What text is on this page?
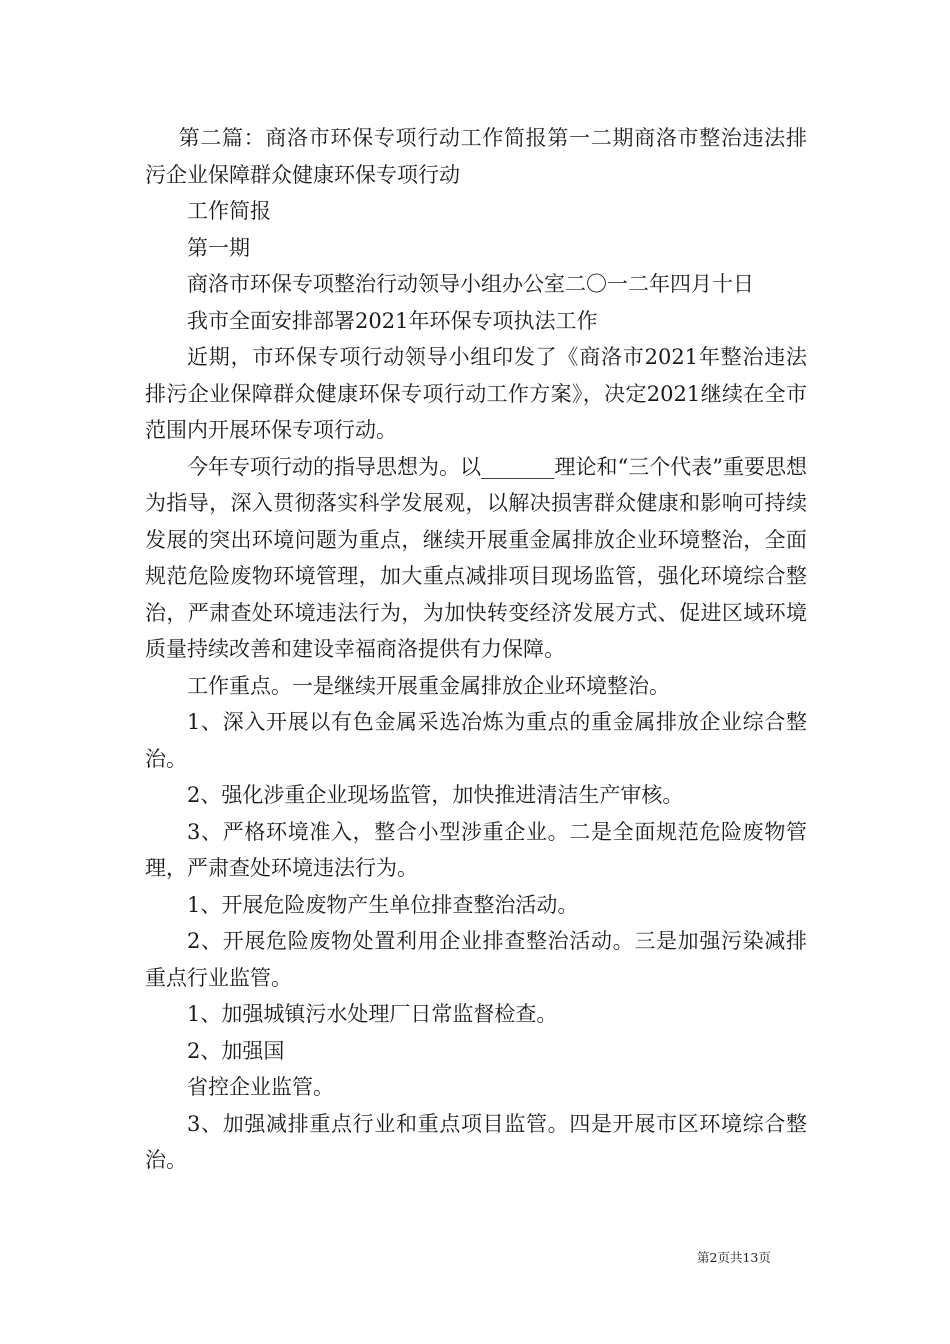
第二篇：商洛市环保专项行动工作简报第一二期商洛市整治违法排污企业保障群众健康环保专项行动

工作简报

第一期

商洛市环保专项整治行动领导小组办公室二〇一二年四月十日

我市全面安排部署2021年环保专项执法工作

近期，市环保专项行动领导小组印发了《商洛市2021年整治违法排污企业保障群众健康环保专项行动工作方案》，决定2021继续在全市范围内开展环保专项行动。

今年专项行动的指导思想为。以_______理论和“三个代表”重要思想为指导，深入贯彻落实科学发展观，以解决损害群众健康和影响可持续发展的突出环境问题为重点，继续开展重金属排放企业环境整治，全面规范危险废物环境管理，加大重点减排项目现场监管，强化环境综合整治，严肃查处环境违法行为，为加快转变经济发展方式、促进区域环境质量持续改善和建设幸福商洛提供有力保障。

工作重点。一是继续开展重金属排放企业环境整治。

1、深入开展以有色金属采选冶炼为重点的重金属排放企业综合整治。

2、强化涉重企业现场监管，加快推进清洁生产审核。

3、严格环境准入，整合小型涉重企业。二是全面规范危险废物管理，严肃查处环境违法行为。

1、开展危险废物产生单位排查整治活动。

2、开展危险废物处置利用企业排查整治活动。三是加强污染减排重点行业监管。

1、加强城镇污水处理厂日常监督检查。

2、加强国

省控企业监管。

3、加强减排重点行业和重点项目监管。四是开展市区环境综合整治。

第2页共13页
